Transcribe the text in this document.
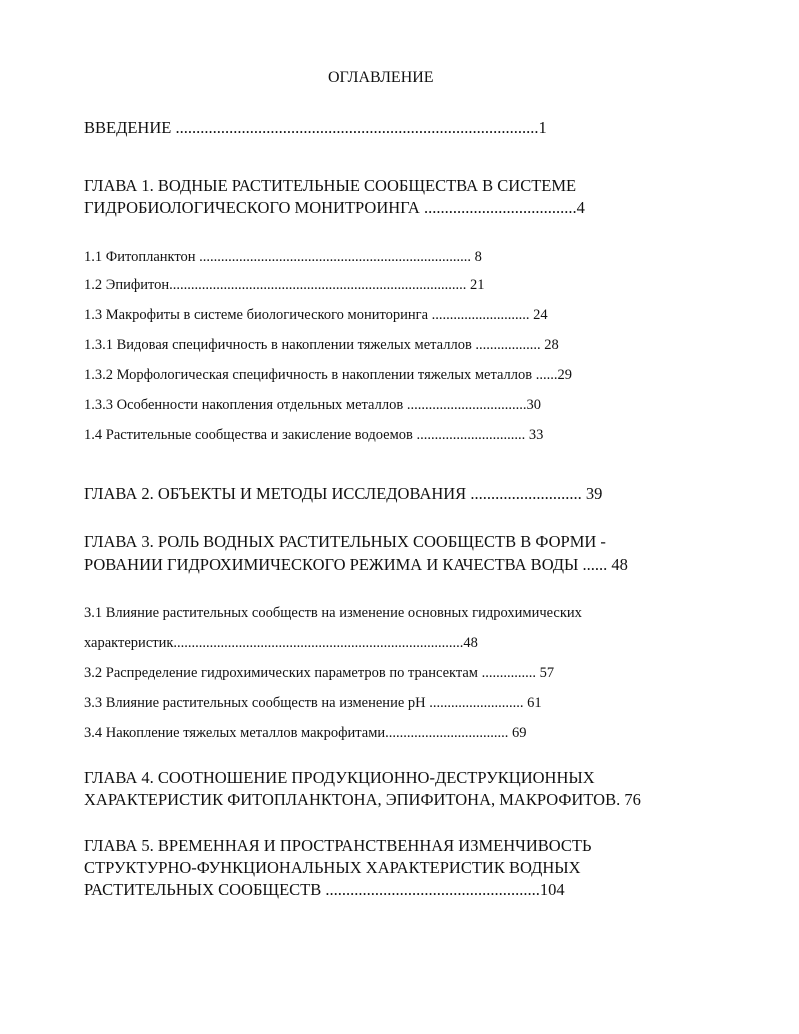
ОГЛАВЛЕНИЕ

ВВЕДЕНИЕ ........................................................................................1

ГЛАВА 1. ВОДНЫЕ РАСТИТЕЛЬНЫЕ СООБЩЕСТВА В СИСТЕМЕ

ГИДРОБИОЛОГИЧЕСКОГО МОНИТРОИНГА .....................................4

1.1 Фитопланктон ........................................................................... 8

1.2 Эпифитон.................................................................................. 21

1.3 Макрофиты в системе биологического мониторинга ........................... 24

1.3.1 Видовая специфичность в накоплении тяжелых металлов .................. 28

1.3.2 Морфологическая специфичность в накоплении тяжелых металлов ......29

1.3.3 Особенности накопления отдельных металлов .................................30

1.4 Растительные сообщества и закисление водоемов .............................. 33

ГЛАВА 2. ОБЪЕКТЫ И МЕТОДЫ ИССЛЕДОВАНИЯ ........................... 39

ГЛАВА 3. РОЛЬ ВОДНЫХ РАСТИТЕЛЬНЫХ СООБЩЕСТВ В ФОРМИ -

РОВАНИИ ГИДРОХИМИЧЕСКОГО РЕЖИМА И КАЧЕСТВА ВОДЫ ...... 48

3.1 Влияние растительных сообществ на изменение основных гидрохимических

характеристик................................................................................48

3.2 Распределение гидрохимических параметров по трансектам ............... 57

3.3 Влияние растительных сообществ на изменение рН .......................... 61

3.4 Накопление тяжелых металлов макрофитами.................................. 69

ГЛАВА 4. СООТНОШЕНИЕ ПРОДУКЦИОННО-ДЕСТРУКЦИОННЫХ

ХАРАКТЕРИСТИК ФИТОПЛАНКТОНА, ЭПИФИТОНА, МАКРОФИТОВ. 76

ГЛАВА 5. ВРЕМЕННАЯ И ПРОСТРАНСТВЕННАЯ ИЗМЕНЧИВОСТЬ

СТРУКТУРНО-ФУНКЦИОНАЛЬНЫХ ХАРАКТЕРИСТИК ВОДНЫХ

РАСТИТЕЛЬНЫХ СООБЩЕСТВ ....................................................104
